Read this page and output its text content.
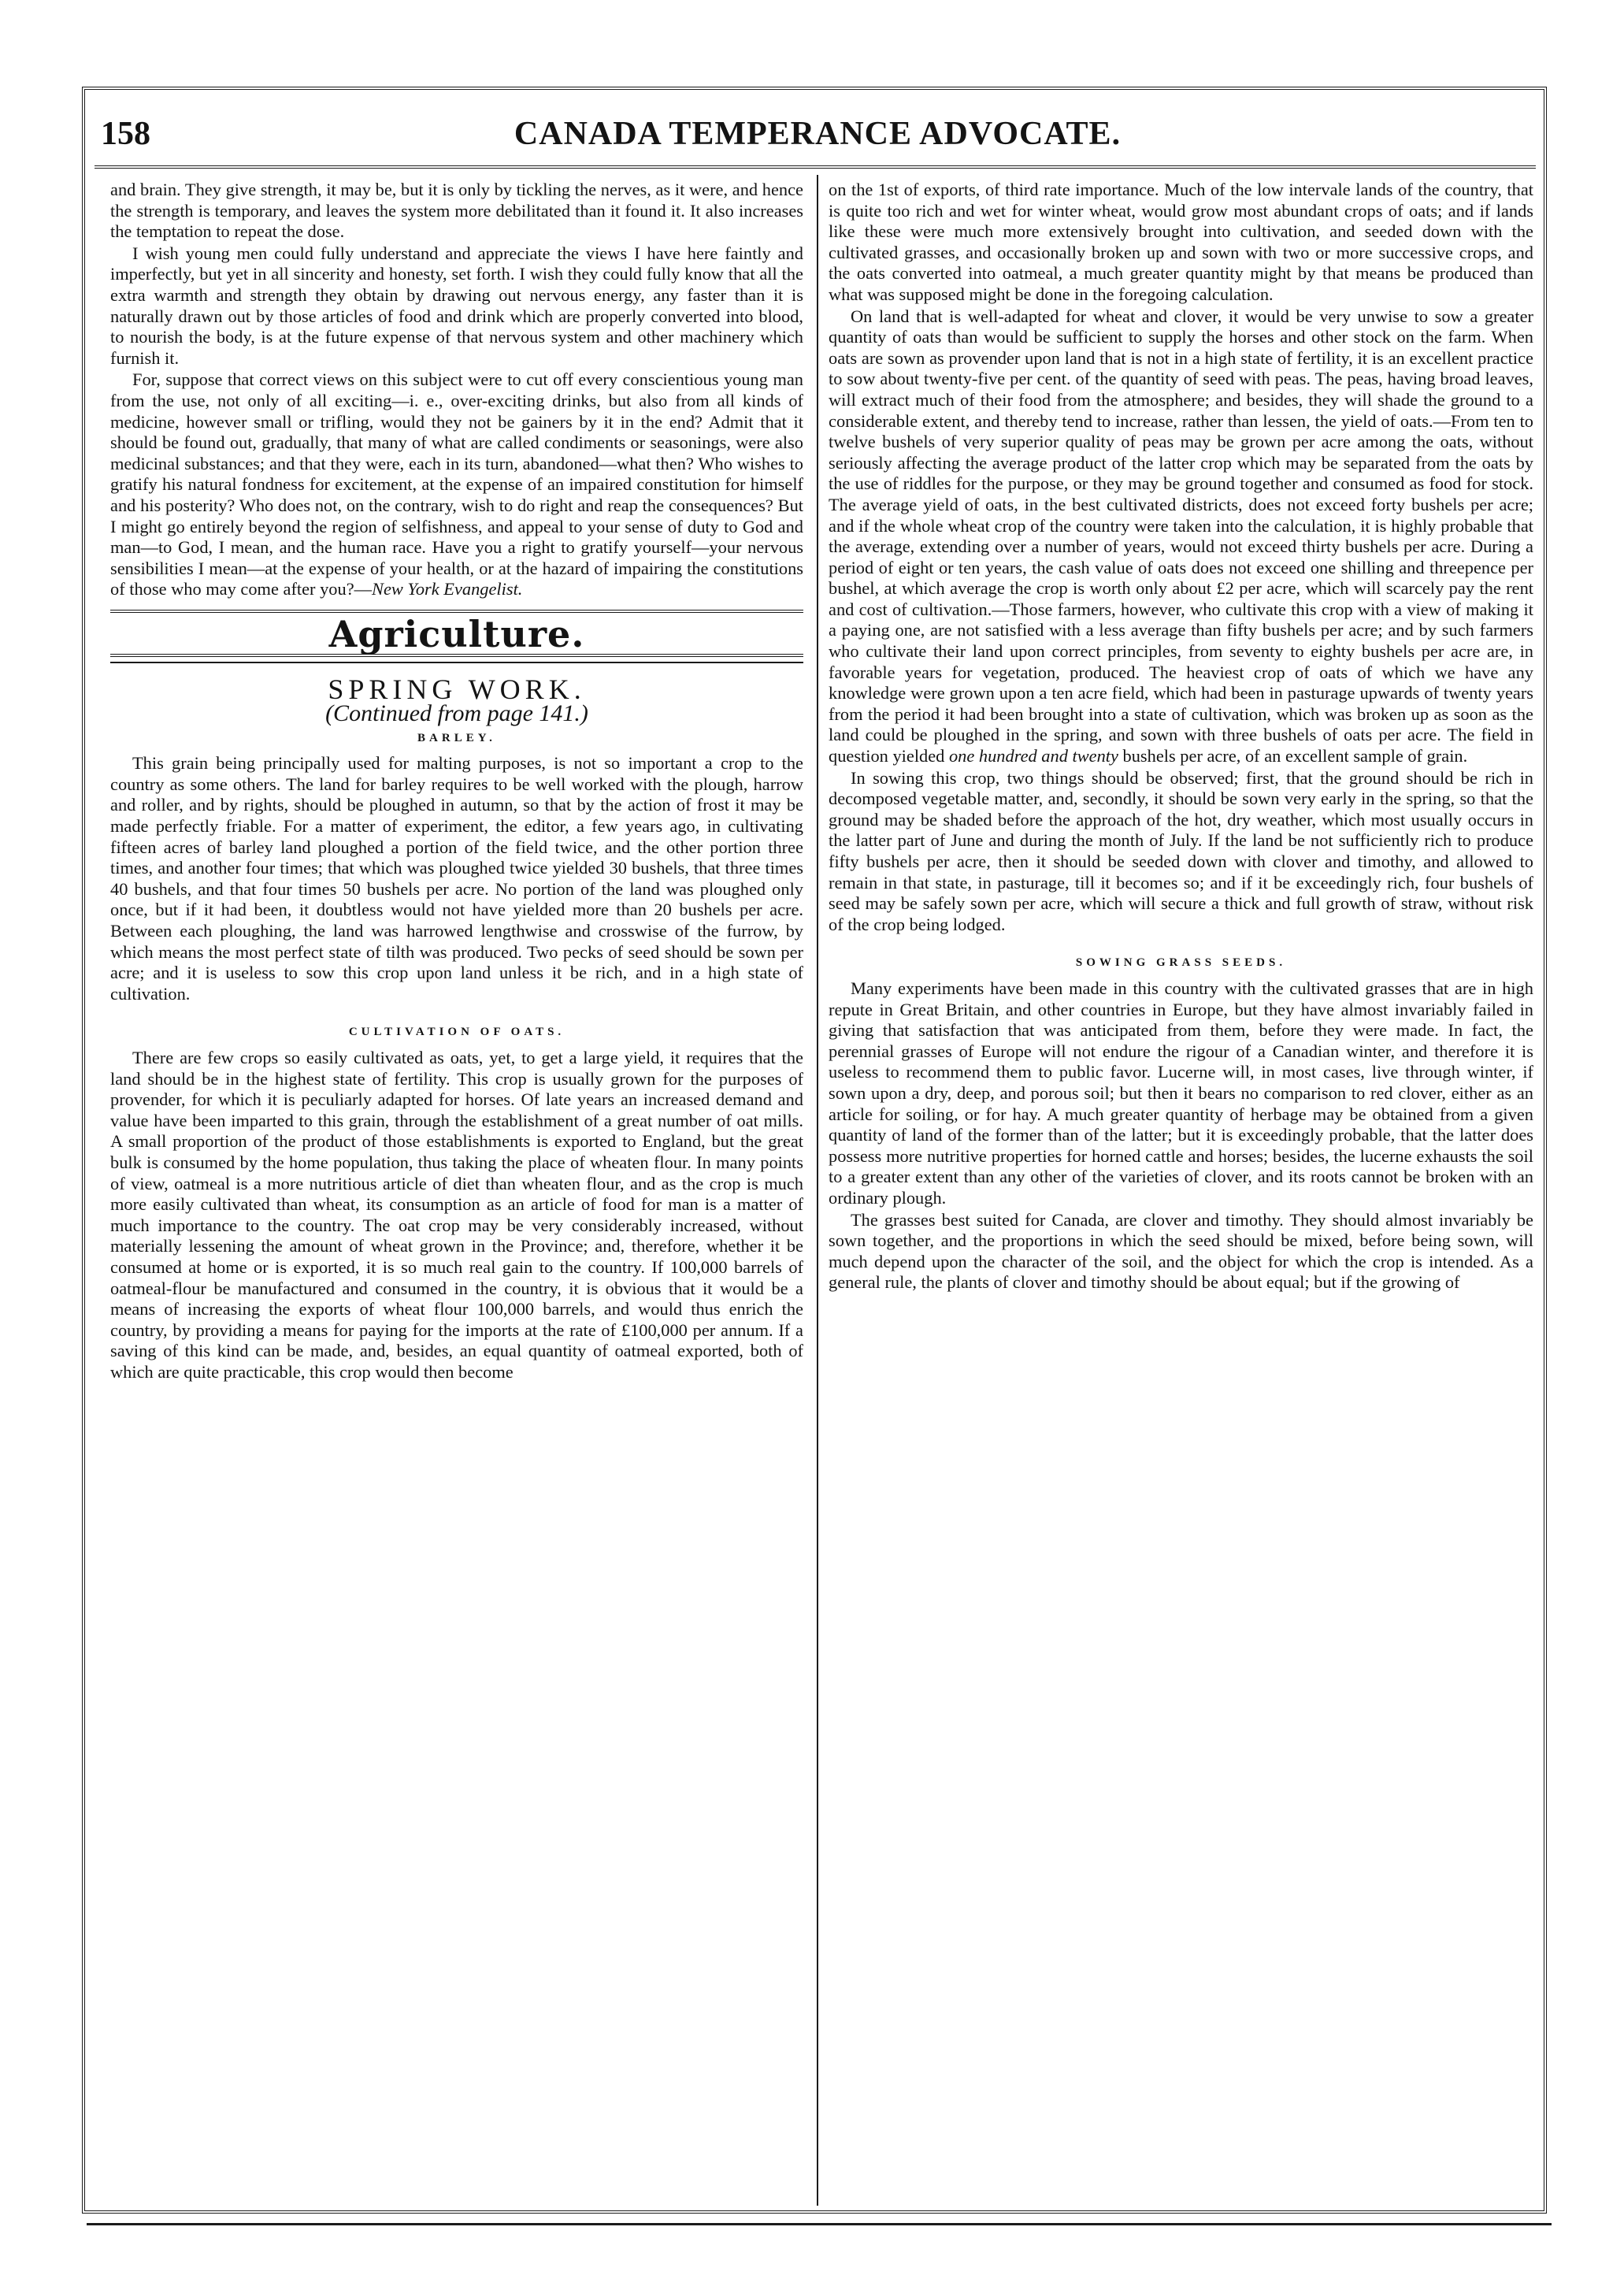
158	CANADA TEMPERANCE ADVOCATE.

and brain. They give strength, it may be, but it is only by tickling the nerves, as it were, and hence the strength is temporary, and leaves the system more debilitated than it found it. It also increases the temptation to repeat the dose.

I wish young men could fully understand and appreciate the views I have here faintly and imperfectly, but yet in all sincerity and honesty, set forth. I wish they could fully know that all the extra warmth and strength they obtain by drawing out nervous energy, any faster than it is naturally drawn out by those articles of food and drink which are properly converted into blood, to nourish the body, is at the future expense of that nervous system and other machinery which furnish it.

For, suppose that correct views on this subject were to cut off every conscientious young man from the use, not only of all exciting—i. e., over-exciting drinks, but also from all kinds of medicine, however small or trifling, would they not be gainers by it in the end? Admit that it should be found out, gradually, that many of what are called condiments or seasonings, were also medicinal substances; and that they were, each in its turn, abandoned—what then? Who wishes to gratify his natural fondness for excitement, at the expense of an impaired constitution for himself and his posterity? Who does not, on the contrary, wish to do right and reap the consequences? But I might go entirely beyond the region of selfishness, and appeal to your sense of duty to God and man—to God, I mean, and the human race. Have you a right to gratify yourself—your nervous sensibilities I mean—at the expense of your health, or at the hazard of impairing the constitutions of those who may come after you?—New York Evangelist.

Agriculture.
SPRING WORK.
(Continued from page 141.)
BARLEY.

This grain being principally used for malting purposes, is not so important a crop to the country as some others. The land for barley requires to be well worked with the plough, harrow and roller, and by rights, should be ploughed in autumn, so that by the action of frost it may be made perfectly friable. For a matter of experiment, the editor, a few years ago, in cultivating fifteen acres of barley land ploughed a portion of the field twice, and the other portion three times, and another four times; that which was ploughed twice yielded 30 bushels, that three times 40 bushels, and that four times 50 bushels per acre. No portion of the land was ploughed only once, but if it had been, it doubtless would not have yielded more than 20 bushels per acre. Between each ploughing, the land was harrowed lengthwise and crosswise of the furrow, by which means the most perfect state of tilth was produced. Two pecks of seed should be sown per acre; and it is useless to sow this crop upon land unless it be rich, and in a high state of cultivation.

CULTIVATION OF OATS.

There are few crops so easily cultivated as oats, yet, to get a large yield, it requires that the land should be in the highest state of fertility. This crop is usually grown for the purposes of provender, for which it is peculiarly adapted for horses. Of late years an increased demand and value have been imparted to this grain, through the establishment of a great number of oat mills. A small proportion of the product of those establishments is exported to England, but the great bulk is consumed by the home population, thus taking the place of wheaten flour. In many points of view, oatmeal is a more nutritious article of diet than wheaten flour, and as the crop is much more easily cultivated than wheat, its consumption as an article of food for man is a matter of much importance to the country. The oat crop may be very considerably increased, without materially lessening the amount of wheat grown in the Province; and, therefore, whether it be consumed at home or is exported, it is so much real gain to the country. If 100,000 barrels of oatmeal-flour be manufactured and consumed in the country, it is obvious that it would be a means of increasing the exports of wheat flour 100,000 barrels, and would thus enrich the country, by providing a means for paying for the imports at the rate of £100,000 per annum. If a saving of this kind can be made, and, besides, an equal quantity of oatmeal exported, both of which are quite practicable, this crop would then become

on the 1st of exports, of third rate importance. Much of the low intervale lands of the country, that is quite too rich and wet for winter wheat, would grow most abundant crops of oats; and if lands like these were much more extensively brought into cultivation, and seeded down with the cultivated grasses, and occasionally broken up and sown with two or more successive crops, and the oats converted into oatmeal, a much greater quantity might by that means be produced than what was supposed might be done in the foregoing calculation.

On land that is well-adapted for wheat and clover, it would be very unwise to sow a greater quantity of oats than would be sufficient to supply the horses and other stock on the farm. When oats are sown as provender upon land that is not in a high state of fertility, it is an excellent practice to sow about twenty-five per cent. of the quantity of seed with peas. The peas, having broad leaves, will extract much of their food from the atmosphere; and besides, they will shade the ground to a considerable extent, and thereby tend to increase, rather than lessen, the yield of oats.—From ten to twelve bushels of very superior quality of peas may be grown per acre among the oats, without seriously affecting the average product of the latter crop which may be separated from the oats by the use of riddles for the purpose, or they may be ground together and consumed as food for stock. The average yield of oats, in the best cultivated districts, does not exceed forty bushels per acre; and if the whole wheat crop of the country were taken into the calculation, it is highly probable that the average, extending over a number of years, would not exceed thirty bushels per acre. During a period of eight or ten years, the cash value of oats does not exceed one shilling and threepence per bushel, at which average the crop is worth only about £2 per acre, which will scarcely pay the rent and cost of cultivation.—Those farmers, however, who cultivate this crop with a view of making it a paying one, are not satisfied with a less average than fifty bushels per acre; and by such farmers who cultivate their land upon correct principles, from seventy to eighty bushels per acre are, in favorable years for vegetation, produced. The heaviest crop of oats of which we have any knowledge were grown upon a ten acre field, which had been in pasturage upwards of twenty years from the period it had been brought into a state of cultivation, which was broken up as soon as the land could be ploughed in the spring, and sown with three bushels of oats per acre. The field in question yielded one hundred and twenty bushels per acre, of an excellent sample of grain.

In sowing this crop, two things should be observed; first, that the ground should be rich in decomposed vegetable matter, and, secondly, it should be sown very early in the spring, so that the ground may be shaded before the approach of the hot, dry weather, which most usually occurs in the latter part of June and during the month of July. If the land be not sufficiently rich to produce fifty bushels per acre, then it should be seeded down with clover and timothy, and allowed to remain in that state, in pasturage, till it becomes so; and if it be exceedingly rich, four bushels of seed may be safely sown per acre, which will secure a thick and full growth of straw, without risk of the crop being lodged.

SOWING GRASS SEEDS.

Many experiments have been made in this country with the cultivated grasses that are in high repute in Great Britain, and other countries in Europe, but they have almost invariably failed in giving that satisfaction that was anticipated from them, before they were made. In fact, the perennial grasses of Europe will not endure the rigour of a Canadian winter, and therefore it is useless to recommend them to public favor. Lucerne will, in most cases, live through winter, if sown upon a dry, deep, and porous soil; but then it bears no comparison to red clover, either as an article for soiling, or for hay. A much greater quantity of herbage may be obtained from a given quantity of land of the former than of the latter; but it is exceedingly probable, that the latter does possess more nutritive properties for horned cattle and horses; besides, the lucerne exhausts the soil to a greater extent than any other of the varieties of clover, and its roots cannot be broken with an ordinary plough.

The grasses best suited for Canada, are clover and timothy. They should almost invariably be sown together, and the proportions in which the seed should be mixed, before being sown, will much depend upon the character of the soil, and the object for which the crop is intended. As a general rule, the plants of clover and timothy should be about equal; but if the growing of
